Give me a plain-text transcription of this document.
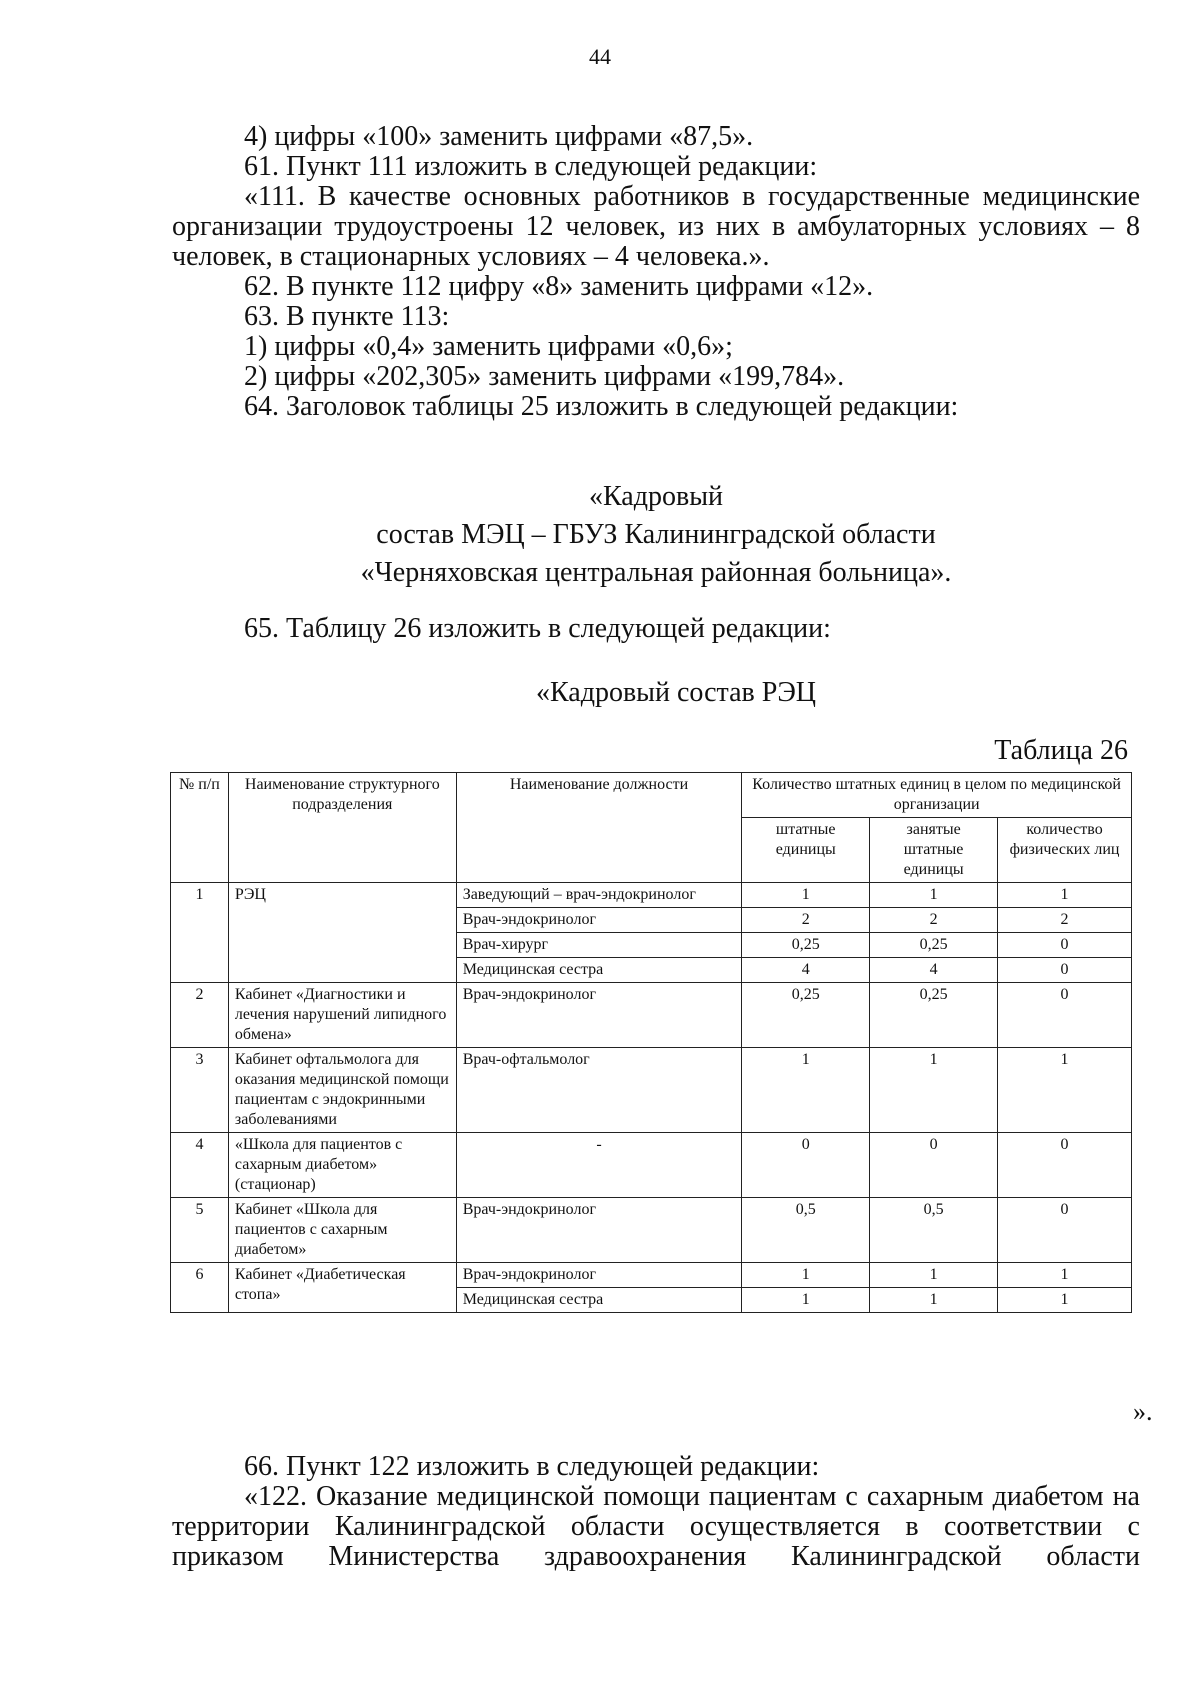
44

4) цифры «100» заменить цифрами «87,5».

61. Пункт 111 изложить в следующей редакции:

«111. В качестве основных работников в государственные медицинские организации трудоустроены 12 человек, из них в амбулаторных условиях – 8 человек, в стационарных условиях – 4 человека.».

62. В пункте 112 цифру «8» заменить цифрами «12».

63. В пункте 113:

1) цифры «0,4» заменить цифрами «0,6»;

2) цифры «202,305» заменить цифрами «199,784».

64. Заголовок таблицы 25 изложить в следующей редакции:

«Кадровый
состав МЭЦ – ГБУЗ Калининградской области
«Черняховская центральная районная больница».

65. Таблицу 26 изложить в следующей редакции:

«Кадровый состав РЭЦ
Таблица 26
№ п/п	Наименование структурного подразделения	Наименование должности	Количество штатных единиц в целом по медицинской организации		
			штатные единицы	занятые штатные единицы	количество физических лиц
1	РЭЦ	Заведующий – врач-эндокринолог	1	1	1
		Врач-эндокринолог	2	2	2
		Врач-хирург	0,25	0,25	0
		Медицинская сестра	4	4	0
2	Кабинет «Диагностики и лечения нарушений липидного обмена»	Врач-эндокринолог	0,25	0,25	0
3	Кабинет офтальмолога для оказания медицинской помощи пациентам с эндокринными заболеваниями	Врач-офтальмолог	1	1	1
4	«Школа для пациентов с сахарным диабетом» (стационар)	-	0	0	0
5	Кабинет «Школа для пациентов с сахарным диабетом»	Врач-эндокринолог	0,5	0,5	0
6	Кабинет «Диабетическая стопа»	Врач-эндокринолог	1	1	1
		Медицинская сестра	1	1	1
».

66. Пункт 122 изложить в следующей редакции:

«122. Оказание медицинской помощи пациентам с сахарным диабетом на территории Калининградской области осуществляется в соответствии с приказом Министерства здравоохранения Калининградской области
